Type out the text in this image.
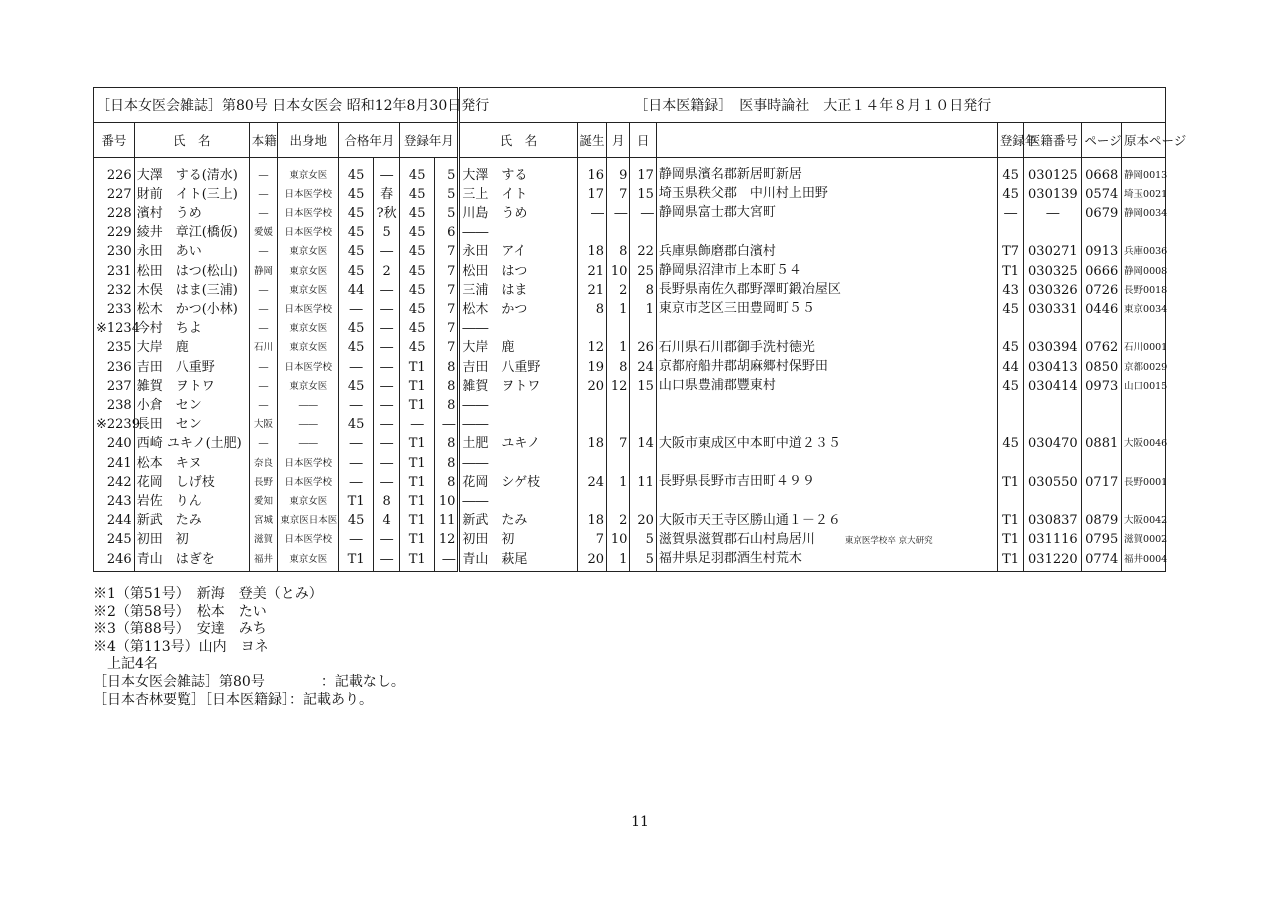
［日本女医会雑誌］第80号 日本女医会 昭和12年8月30日発行								［日本医籍録］　医事時論社　大正１４年８月１０日発行								
番号	氏　名	本籍	出身地	合格年月		登録年月		氏　名	誕生	月	日		登録年	医籍番号	ページ	原本ページ
226	大澤　する(清水)	―	東京女医	45	―	45	5	大澤　する	16	9	17	静岡県濱名郡新居町新居	45	030125	0668	静岡0013
227	財前　イト(三上)	―	日本医学校	45	春	45	5	三上　イト	17	7	15	埼玉県秩父郡　中川村上田野	45	030139	0574	埼玉0021
228	濱村　うめ	―	日本医学校	45	?秋	45	5	川島　うめ	―	―	―	静岡県富士郡大宮町	―	―	0679	静岡0034
229	綾井　章江(橋仮)	愛媛	日本医学校	45	5	45	6	――								
230	永田　あい	―	東京女医	45	―	45	7	永田　アイ	18	8	22	兵庫県飾磨郡白濱村	T7	030271	0913	兵庫0036
231	松田　はつ(松山)	静岡	東京女医	45	2	45	7	松田　はつ	21	10	25	静岡県沼津市上本町５４	T1	030325	0666	静岡0008
232	木俣　はま(三浦)	―	東京女医	44	―	45	7	三浦　はま	21	2	8	長野県南佐久郡野澤町鍛冶屋区	43	030326	0726	長野0018
233	松木　かつ(小林)	―	日本医学校	―	―	45	7	松木　かつ	8	1	1	東京市芝区三田豊岡町５５	45	030331	0446	東京0034
※1234	今村　ちよ	―	東京女医	45	―	45	7	――								
235	大岸　鹿	石川	東京女医	45	―	45	7	大岸　鹿	12	1	26	石川県石川郡御手洗村徳光	45	030394	0762	石川0001
236	吉田　八重野	―	日本医学校	―	―	T1	8	吉田　八重野	19	8	24	京都府船井郡胡麻郷村保野田	44	030413	0850	京都0029
237	雑賀　ヲトワ	―	東京女医	45	―	T1	8	雑賀　ヲトワ	20	12	15	山口県豊浦郡豐東村	45	030414	0973	山口0015
238	小倉　セン	―	――	―	―	T1	8	――								
※2239	長田　セン	大阪	――	45	―	―	―	――								
240	西崎 ユキノ(土肥)	―	――	―	―	T1	8	土肥　ユキノ	18	7	14	大阪市東成区中本町中道２３５	45	030470	0881	大阪0046
241	松本　キヌ	奈良	日本医学校	―	―	T1	8	――								
242	花岡　しげ枝	長野	日本医学校	―	―	T1	8	花岡　シゲ枝	24	1	11	長野県長野市吉田町４９９	T1	030550	0717	長野0001
243	岩佐　りん	愛知	東京女医	T1	8	T1	10	――								
244	新武　たみ	宮城	東京医日本医	45	4	T1	11	新武　たみ	18	2	20	大阪市天王寺区勝山通１－２６	T1	030837	0879	大阪0042
245	初田　初	滋賀	日本医学校	―	―	T1	12	初田　初	7	10	5	滋賀県滋賀郡石山村鳥居川 東京医学校卒 京大研究	T1	031116	0795	滋賀0002
246	青山　はぎを	福井	東京女医	T1	―	T1	―	青山　萩尾	20	1	5	福井県足羽郡酒生村荒木	T1	031220	0774	福井0004
※1（第51号）　新海　登美（とみ）
※2（第58号）　松本　たい
※3（第88号）　安達　みち
※4（第113号）山内　ヨネ
　上記4名
［日本女医会雑誌］第80号　　　　：記載なし。
［日本杏林要覧］［日本医籍録］：記載あり。
11
